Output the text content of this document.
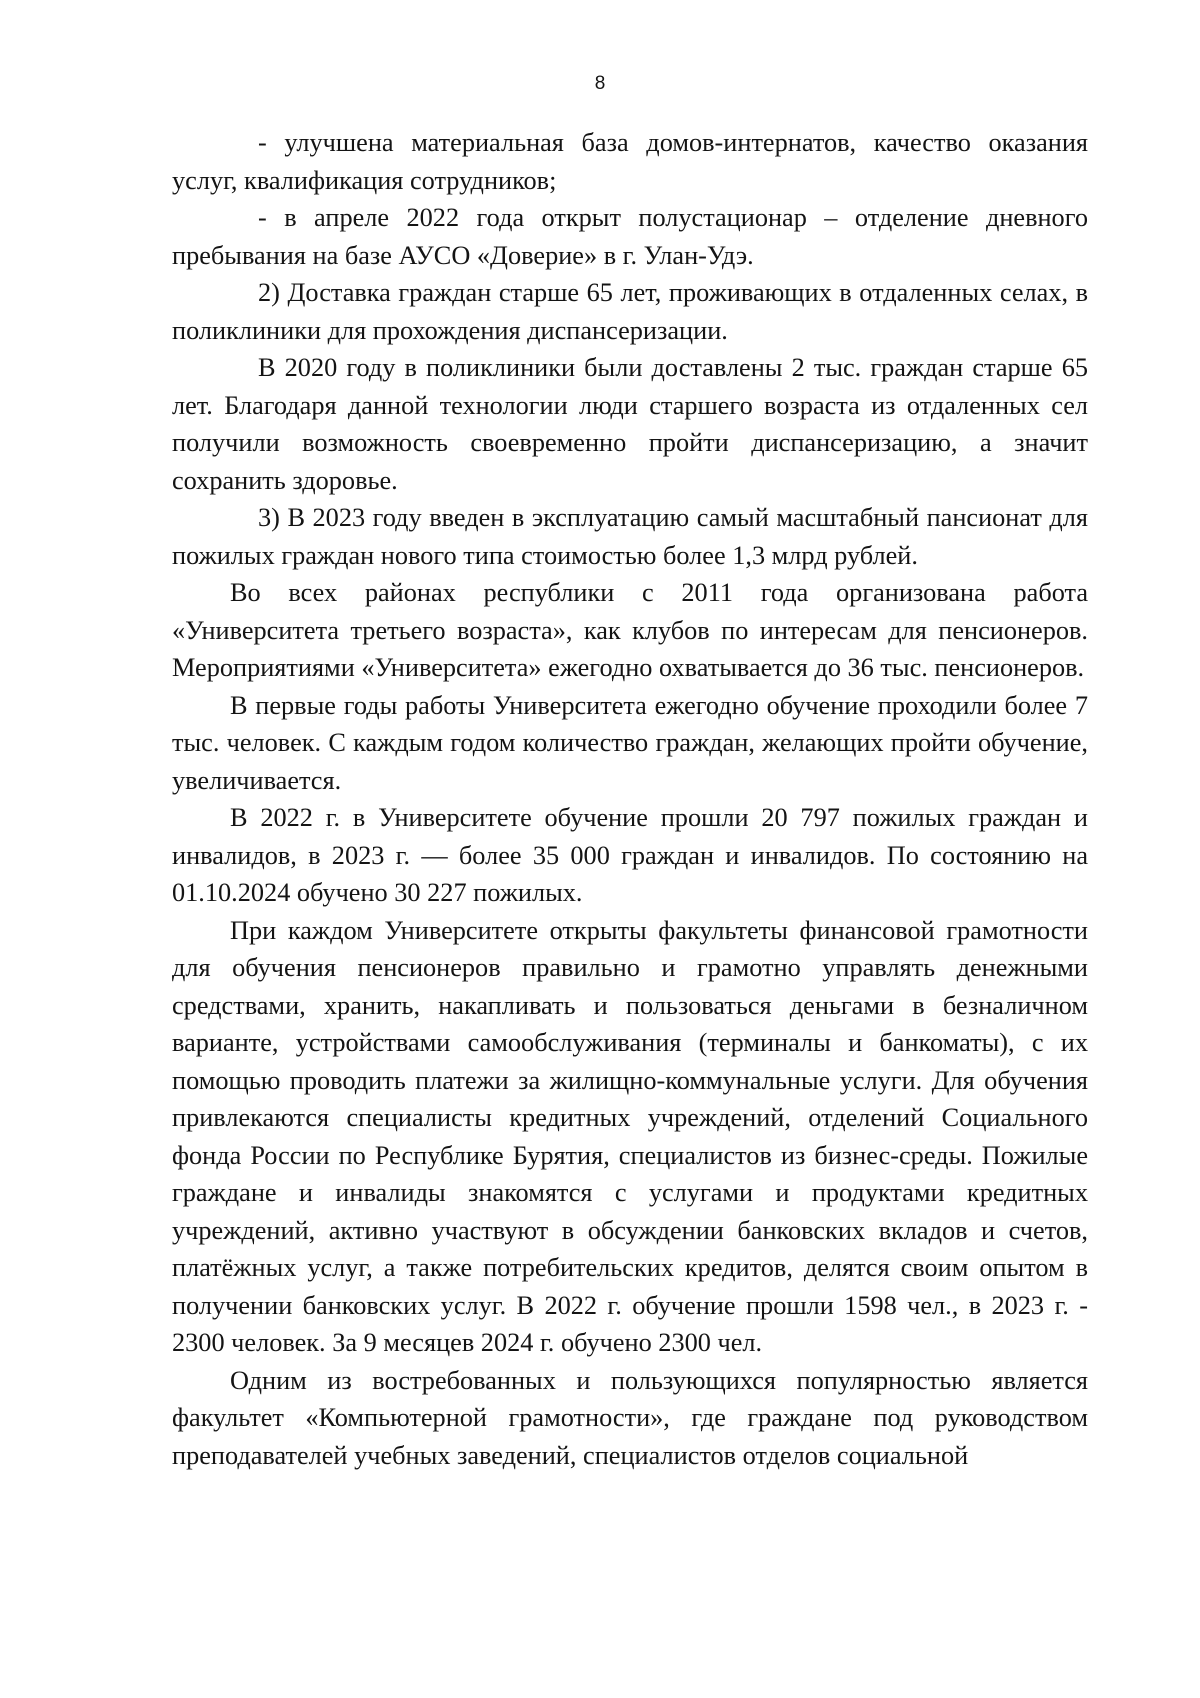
8

- улучшена материальная база домов-интернатов, качество оказания услуг, квалификация сотрудников;

- в апреле 2022 года открыт полустационар – отделение дневного пребывания на базе АУСО «Доверие» в г. Улан-Удэ.

2) Доставка граждан старше 65 лет, проживающих в отдаленных селах, в поликлиники для прохождения диспансеризации.

В 2020 году в поликлиники были доставлены 2 тыс. граждан старше 65 лет. Благодаря данной технологии люди старшего возраста из отдаленных сел получили возможность своевременно пройти диспансеризацию, а значит сохранить здоровье.

3) В 2023 году введен в эксплуатацию самый масштабный пансионат для пожилых граждан нового типа стоимостью более 1,3 млрд рублей.

Во всех районах республики с 2011 года организована работа «Университета третьего возраста», как клубов по интересам для пенсионеров. Мероприятиями «Университета» ежегодно охватывается до 36 тыс. пенсионеров.

В первые годы работы Университета ежегодно обучение проходили более 7 тыс. человек. С каждым годом количество граждан, желающих пройти обучение, увеличивается.

В 2022 г. в Университете обучение прошли 20 797 пожилых граждан и инвалидов, в 2023 г. — более 35 000 граждан и инвалидов. По состоянию на 01.10.2024 обучено 30 227 пожилых.

При каждом Университете открыты факультеты финансовой грамотности для обучения пенсионеров правильно и грамотно управлять денежными средствами, хранить, накапливать и пользоваться деньгами в безналичном варианте, устройствами самообслуживания (терминалы и банкоматы), с их помощью проводить платежи за жилищно-коммунальные услуги. Для обучения привлекаются специалисты кредитных учреждений, отделений Социального фонда России по Республике Бурятия, специалистов из бизнес-среды. Пожилые граждане и инвалиды знакомятся с услугами и продуктами кредитных учреждений, активно участвуют в обсуждении банковских вкладов и счетов, платёжных услуг, а также потребительских кредитов, делятся своим опытом в получении банковских услуг. В 2022 г. обучение прошли 1598 чел., в 2023 г. - 2300 человек. За 9 месяцев 2024 г. обучено 2300 чел.

Одним из востребованных и пользующихся популярностью является факультет «Компьютерной грамотности», где граждане под руководством преподавателей учебных заведений, специалистов отделов социальной
